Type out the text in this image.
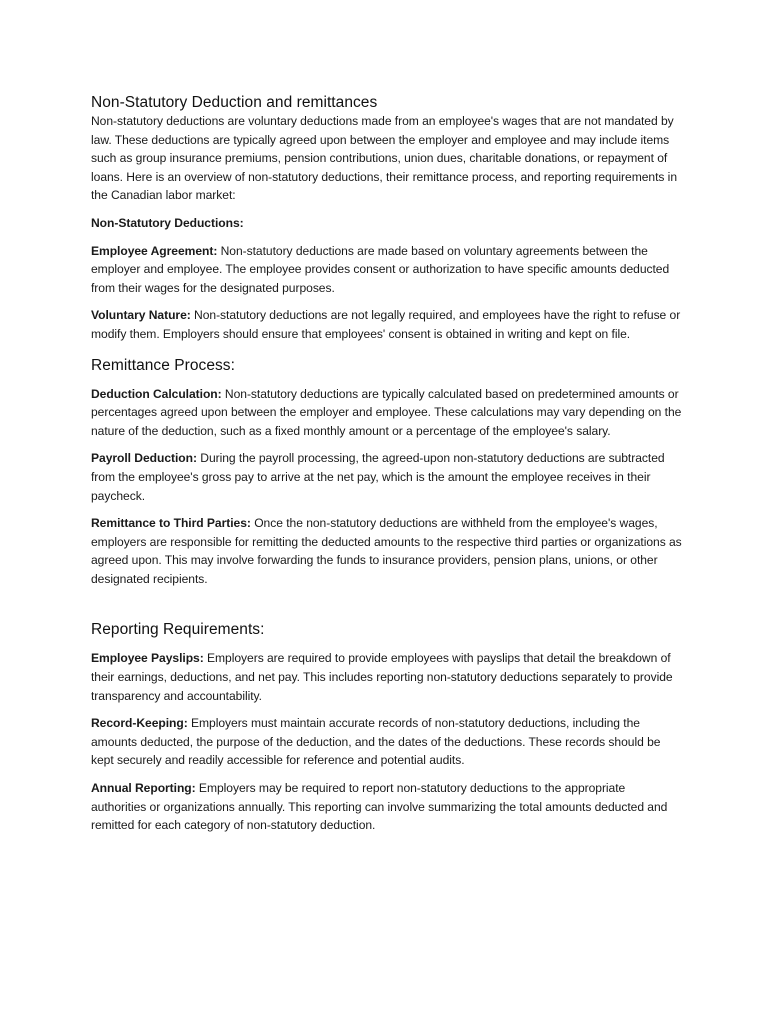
Non-Statutory Deduction and remittances

Non-statutory deductions are voluntary deductions made from an employee's wages that are not mandated by law. These deductions are typically agreed upon between the employer and employee and may include items such as group insurance premiums, pension contributions, union dues, charitable donations, or repayment of loans. Here is an overview of non-statutory deductions, their remittance process, and reporting requirements in the Canadian labor market:

Non-Statutory Deductions:

Employee Agreement: Non-statutory deductions are made based on voluntary agreements between the employer and employee. The employee provides consent or authorization to have specific amounts deducted from their wages for the designated purposes.

Voluntary Nature: Non-statutory deductions are not legally required, and employees have the right to refuse or modify them. Employers should ensure that employees' consent is obtained in writing and kept on file.

Remittance Process:

Deduction Calculation: Non-statutory deductions are typically calculated based on predetermined amounts or percentages agreed upon between the employer and employee. These calculations may vary depending on the nature of the deduction, such as a fixed monthly amount or a percentage of the employee's salary.

Payroll Deduction: During the payroll processing, the agreed-upon non-statutory deductions are subtracted from the employee's gross pay to arrive at the net pay, which is the amount the employee receives in their paycheck.

Remittance to Third Parties: Once the non-statutory deductions are withheld from the employee's wages, employers are responsible for remitting the deducted amounts to the respective third parties or organizations as agreed upon. This may involve forwarding the funds to insurance providers, pension plans, unions, or other designated recipients.

Reporting Requirements:

Employee Payslips: Employers are required to provide employees with payslips that detail the breakdown of their earnings, deductions, and net pay. This includes reporting non-statutory deductions separately to provide transparency and accountability.

Record-Keeping: Employers must maintain accurate records of non-statutory deductions, including the amounts deducted, the purpose of the deduction, and the dates of the deductions. These records should be kept securely and readily accessible for reference and potential audits.

Annual Reporting: Employers may be required to report non-statutory deductions to the appropriate authorities or organizations annually. This reporting can involve summarizing the total amounts deducted and remitted for each category of non-statutory deduction.
